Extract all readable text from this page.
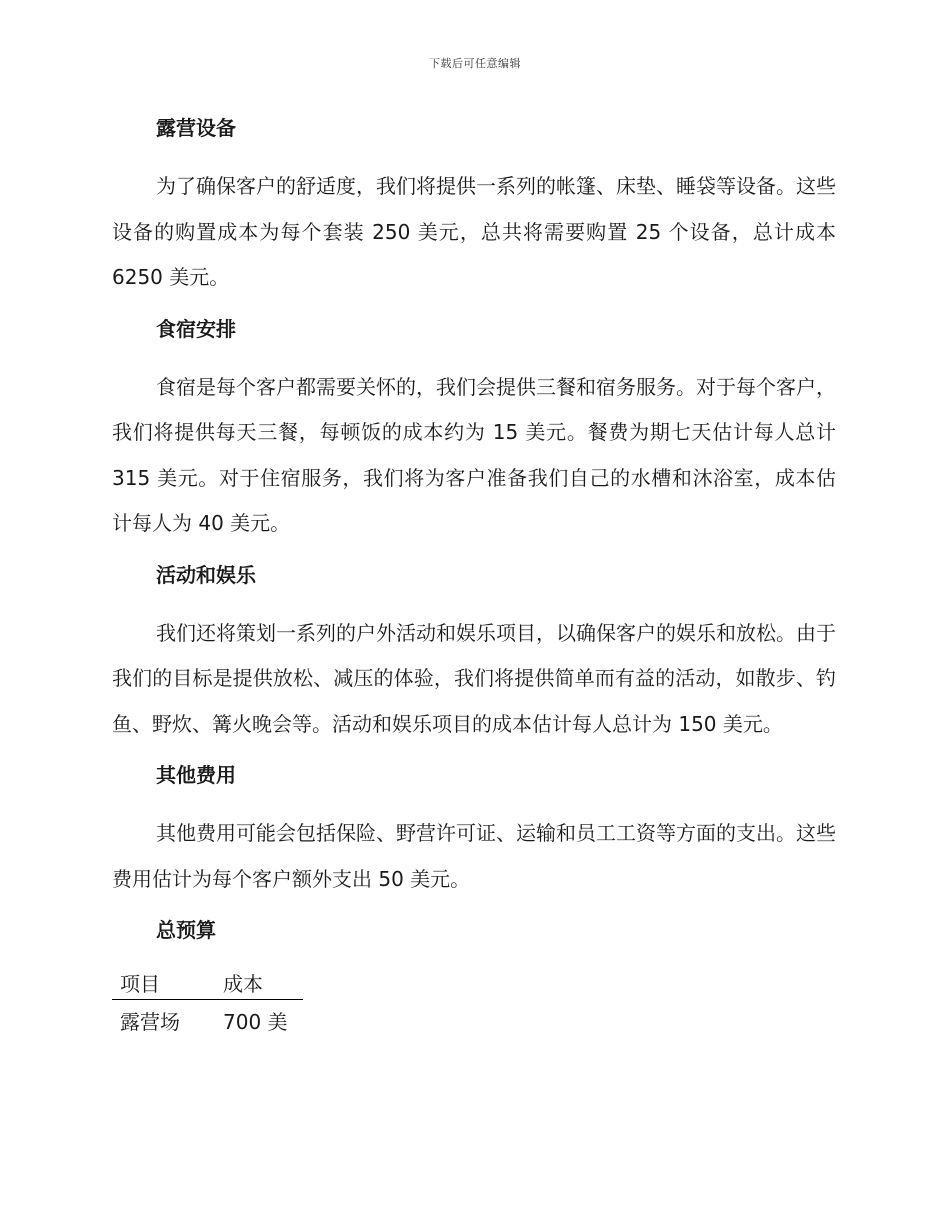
下载后可任意编辑
露营设备

为了确保客户的舒适度，我们将提供一系列的帐篷、床垫、睡袋等设备。这些设备的购置成本为每个套装 250 美元，总共将需要购置 25 个设备，总计成本 6250 美元。

食宿安排

食宿是每个客户都需要关怀的，我们会提供三餐和宿务服务。对于每个客户，我们将提供每天三餐，每顿饭的成本约为 15 美元。餐费为期七天估计每人总计 315 美元。对于住宿服务，我们将为客户准备我们自己的水槽和沐浴室，成本估计每人为 40 美元。

活动和娱乐

我们还将策划一系列的户外活动和娱乐项目，以确保客户的娱乐和放松。由于我们的目标是提供放松、减压的体验，我们将提供简单而有益的活动，如散步、钓鱼、野炊、篝火晚会等。活动和娱乐项目的成本估计每人总计为 150 美元。

其他费用

其他费用可能会包括保险、野营许可证、运输和员工工资等方面的支出。这些费用估计为每个客户额外支出 50 美元。

总预算
项目	成本
露营场	700 美
